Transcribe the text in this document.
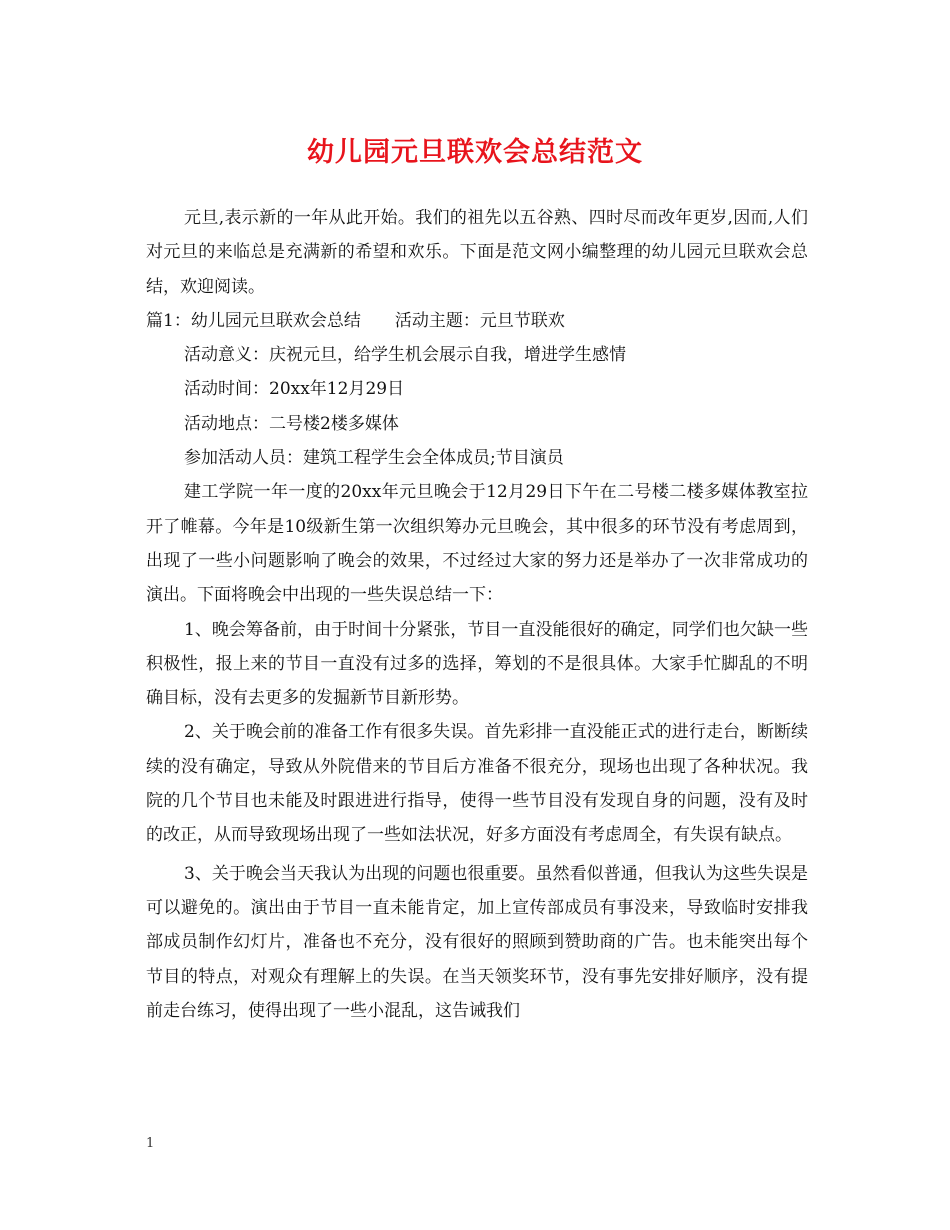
幼儿园元旦联欢会总结范文

元旦,表示新的一年从此开始。我们的祖先以五谷熟、四时尽而改年更岁,因而,人们对元旦的来临总是充满新的希望和欢乐。下面是范文网小编整理的幼儿园元旦联欢会总结，欢迎阅读。

篇1：幼儿园元旦联欢会总结　　活动主题：元旦节联欢

活动意义：庆祝元旦，给学生机会展示自我，增进学生感情

活动时间：20xx年12月29日

活动地点：二号楼2楼多媒体

参加活动人员：建筑工程学生会全体成员;节目演员

建工学院一年一度的20xx年元旦晚会于12月29日下午在二号楼二楼多媒体教室拉开了帷幕。今年是10级新生第一次组织筹办元旦晚会，其中很多的环节没有考虑周到，出现了一些小问题影响了晚会的效果，不过经过大家的努力还是举办了一次非常成功的演出。下面将晚会中出现的一些失误总结一下：

1、晚会筹备前，由于时间十分紧张，节目一直没能很好的确定，同学们也欠缺一些积极性，报上来的节目一直没有过多的选择，筹划的不是很具体。大家手忙脚乱的不明确目标，没有去更多的发掘新节目新形势。

2、关于晚会前的准备工作有很多失误。首先彩排一直没能正式的进行走台，断断续续的没有确定，导致从外院借来的节目后方准备不很充分，现场也出现了各种状况。我院的几个节目也未能及时跟进进行指导，使得一些节目没有发现自身的问题，没有及时的改正，从而导致现场出现了一些如法状况，好多方面没有考虑周全，有失误有缺点。

3、关于晚会当天我认为出现的问题也很重要。虽然看似普通，但我认为这些失误是可以避免的。演出由于节目一直未能肯定，加上宣传部成员有事没来，导致临时安排我部成员制作幻灯片，准备也不充分，没有很好的照顾到赞助商的广告。也未能突出每个节目的特点，对观众有理解上的失误。在当天领奖环节，没有事先安排好顺序，没有提前走台练习，使得出现了一些小混乱，这告诫我们

1
